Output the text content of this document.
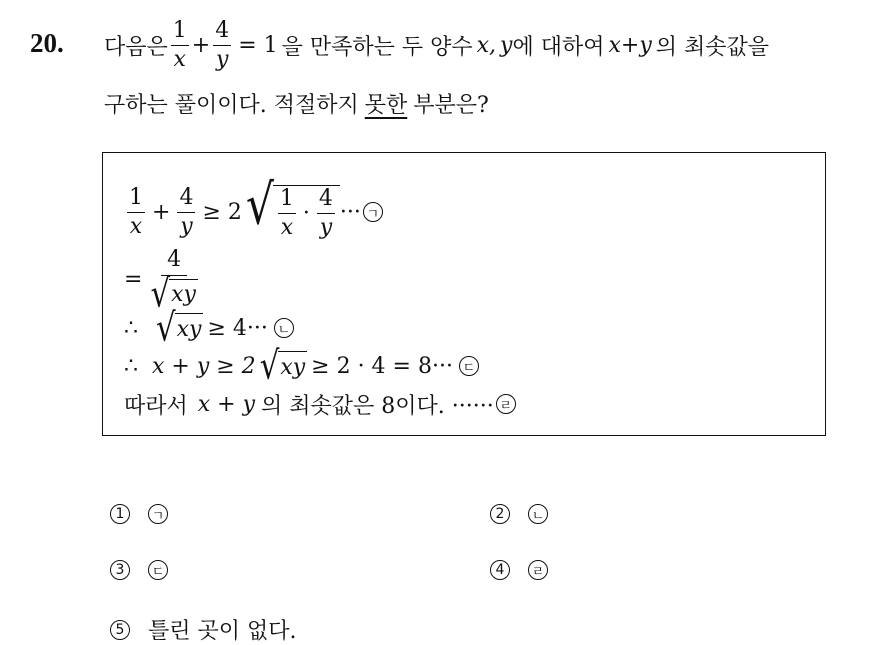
20. 다음은 $\frac{1}{x} + \frac{4}{y} = 1$ 을 만족하는 두 양수 x, y 에 대하여 x+y 의 최솟값을
구하는 풀이이다. 적절하지 못한 부분은?
$\frac{1}{x} + \frac{4}{y} \ge 2$ √ $\frac{1}{x} \cdot \frac{4}{y}$ ··· ㄱ
= $\frac{4}{√ xy}$
∴ √ xy ≥ 4··· ㄴ
∴ x + y ≥ 2 √ xy ≥ 2 · 4 = 8··· ㄷ
따라서 x + y 의 최솟값은 8이다. ······ ㄹ
1	ㄱ	2	ㄴ
3	ㄷ	4	ㄹ
5 틀린 곳이 없다.
